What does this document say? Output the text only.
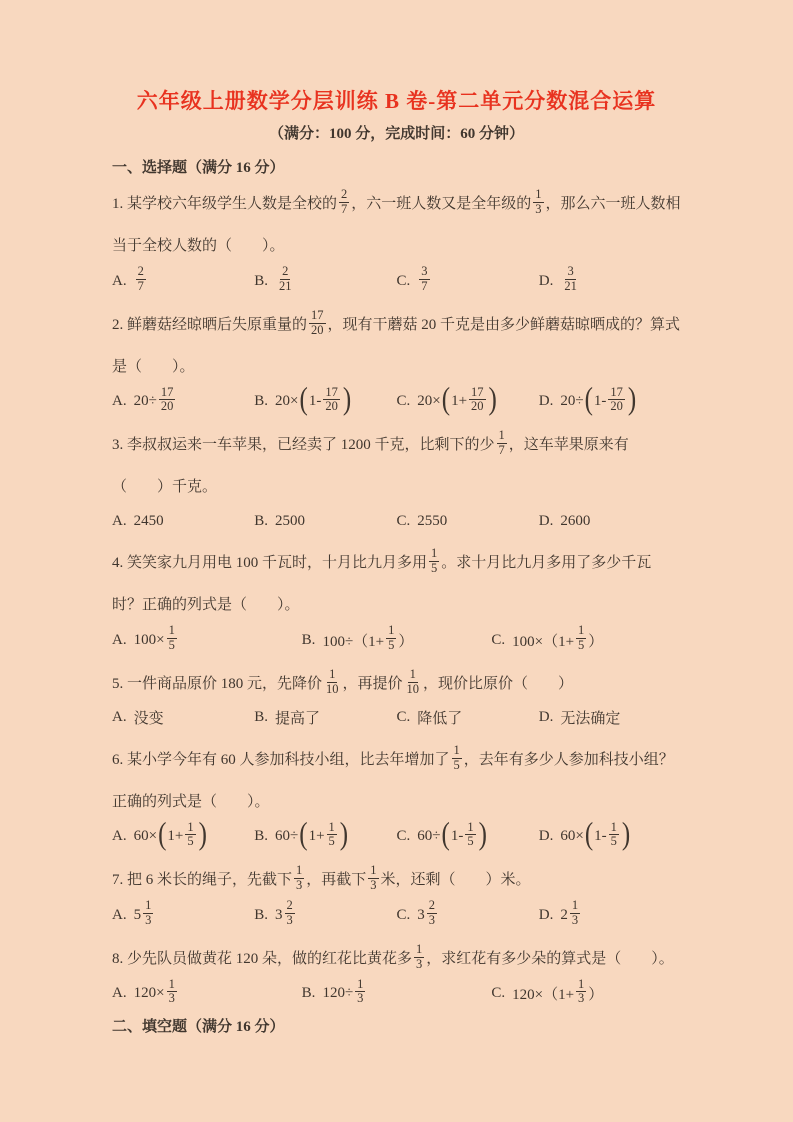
六年级上册数学分层训练 B 卷-第二单元分数混合运算
（满分：100 分，完成时间：60 分钟）
一、选择题（满分 16 分）
1. 某学校六年级学生人数是全校的 $\frac{2}{7}$ ，六一班人数又是全年级的 $\frac{1}{3}$ ，那么六一班人数相当于全校人数的（　　）。
A. $\frac{2}{7}$	B. $\frac{2}{21}$	C. $\frac{3}{7}$	D. $\frac{3}{21}$
2. 鲜蘑菇经晾晒后失原重量的 $\frac{17}{20}$ ，现有干蘑菇 20 千克是由多少鲜蘑菇晾晒成的？算式是（　　）。
A. $20\div \frac{17}{20}$	B. 20× ( $1- \frac{17}{20}$ )	C. 20× ( $1+ \frac{17}{20}$ )	D. 20÷ ( $1- \frac{17}{20}$ )
3. 李叔叔运来一车苹果，已经卖了 1200 千克，比剩下的少 $\frac{1}{7}$ ，这车苹果原来有（　　）千克。
A. 2450	B. 2500	C. 2550	D. 2600
4. 笑笑家九月用电 100 千瓦时，十月比九月多用 $\frac{1}{5}$ 。求十月比九月多用了多少千瓦时？正确的列式是（　　）。
A. $100\times \frac{1}{5}$	B. $100\div(1+ \frac{1}{5}$ ）	C. $100\times(1+ \frac{1}{5}$ ）
5. 一件商品原价 180 元，先降价 $\frac{1}{10}$ ，再提价 $\frac{1}{10}$ ，现价比原价（　　）
A. 没变	B. 提高了	C. 降低了	D. 无法确定
6. 某小学今年有 60 人参加科技小组，比去年增加了 $\frac{1}{5}$ ，去年有多少人参加科技小组？正确的列式是（　　）。
A. 60× ( $1+ \frac{1}{5}$ )	B. 60÷ ( $1+ \frac{1}{5}$ )	C. 60÷ ( $1- \frac{1}{5}$ )	D. 60× ( $1- \frac{1}{5}$ )
7. 把 6 米长的绳子，先截下 $\frac{1}{3}$ ，再截下 $\frac{1}{3}$ 米，还剩（　　）米。
A. $5 \frac{1}{3}$	B. $3 \frac{2}{3}$	C. $3 \frac{2}{3}$	D. $2 \frac{1}{3}$
8. 少先队员做黄花 120 朵，做的红花比黄花多 $\frac{1}{3}$ ，求红花有多少朵的算式是（　　）。
A. $120\times \frac{1}{3}$	B. $120\div \frac{1}{3}$	C. $120\times(1+ \frac{1}{3}$ ）
二、填空题（满分 16 分）
